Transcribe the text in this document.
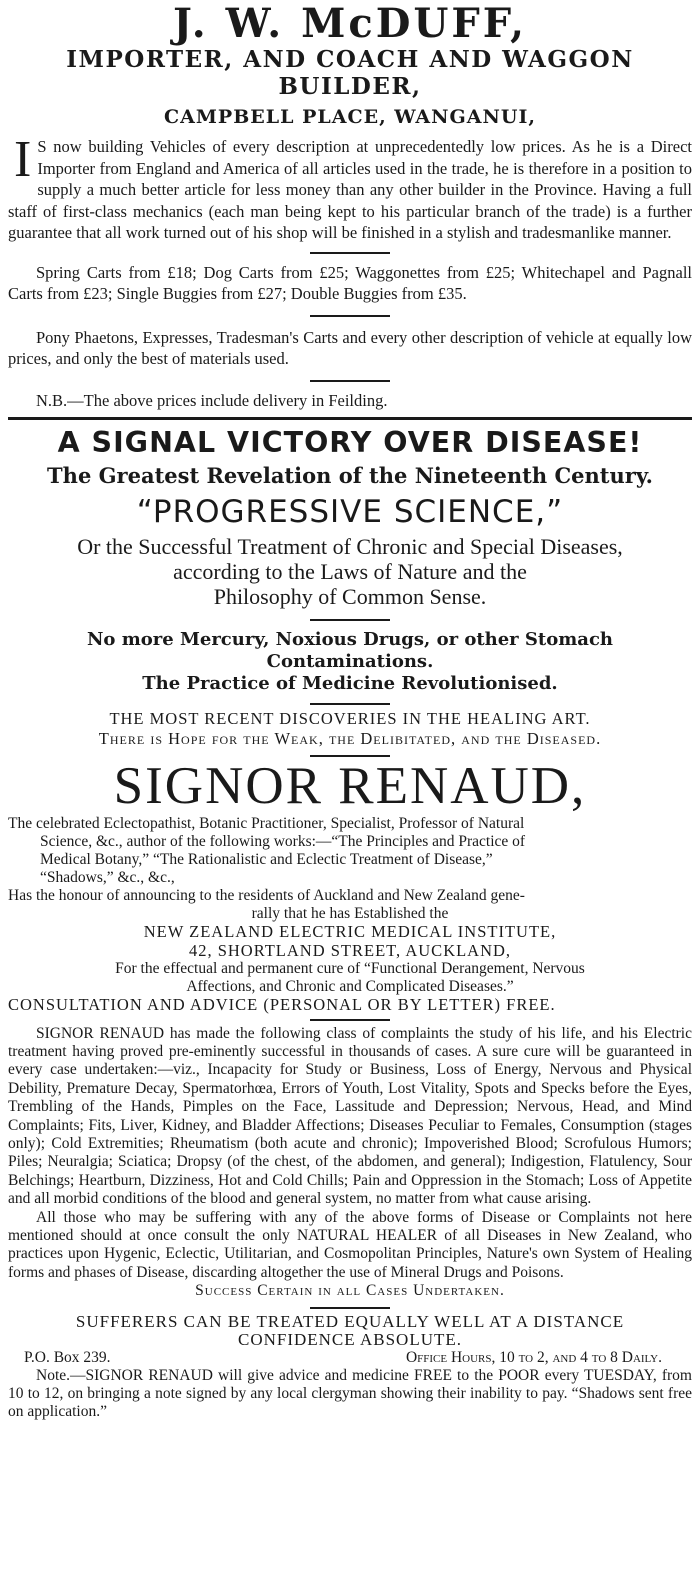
J. W. McDUFF,
IMPORTER, AND COACH AND WAGGON
BUILDER,
CAMPBELL PLACE, WANGANUI,
I S now building Vehicles of every description at unprecedentedly low prices. As he is a Direct Importer from England and America of all articles used in the trade, he is therefore in a position to supply a much better article for less money than any other builder in the Province. Having a full staff of first-class mechanics (each man being kept to his particular branch of the trade) is a further guarantee that all work turned out of his shop will be finished in a stylish and tradesmanlike manner.
Spring Carts from £18; Dog Carts from £25; Waggonettes from £25; Whitechapel and Pagnall Carts from £23; Single Buggies from £27; Double Buggies from £35.
Pony Phaetons, Expresses, Tradesman's Carts and every other description of vehicle at equally low prices, and only the best of materials used.
N.B.—The above prices include delivery in Feilding.
A SIGNAL VICTORY OVER DISEASE!
The Greatest Revelation of the Nineteenth Century.
“PROGRESSIVE SCIENCE,”
Or the Successful Treatment of Chronic and Special Diseases,
according to the Laws of Nature and the
Philosophy of Common Sense.
No more Mercury, Noxious Drugs, or other Stomach Contaminations.
The Practice of Medicine Revolutionised.
THE MOST RECENT DISCOVERIES IN THE HEALING ART.
There is Hope for the Weak, the Delibitated, and the Diseased.
SIGNOR RENAUD,
The celebrated Eclectopathist, Botanic Practitioner, Specialist, Professor of Natural
Science, &c., author of the following works:—“The Principles and Practice of
Medical Botany,” “The Rationalistic and Eclectic Treatment of Disease,”
“Shadows,” &c., &c.,
Has the honour of announcing to the residents of Auckland and New Zealand gene-
rally that he has Established the
NEW ZEALAND ELECTRIC MEDICAL INSTITUTE,
42, SHORTLAND STREET, AUCKLAND,
For the effectual and permanent cure of “Functional Derangement, Nervous
Affections, and Chronic and Complicated Diseases.”
CONSULTATION AND ADVICE (PERSONAL OR BY LETTER) FREE.
SIGNOR RENAUD has made the following class of complaints the study of his life, and his Electric treatment having proved pre-eminently successful in thousands of cases. A sure cure will be guaranteed in every case undertaken:—viz., Incapacity for Study or Business, Loss of Energy, Nervous and Physical Debility, Premature Decay, Spermatorhœa, Errors of Youth, Lost Vitality, Spots and Specks before the Eyes, Trembling of the Hands, Pimples on the Face, Lassitude and Depression; Nervous, Head, and Mind Complaints; Fits, Liver, Kidney, and Bladder Affections; Diseases Peculiar to Females, Consumption (stages only); Cold Extremities; Rheumatism (both acute and chronic); Impoverished Blood; Scrofulous Humors; Piles; Neuralgia; Sciatica; Dropsy (of the chest, of the abdomen, and general); Indigestion, Flatulency, Sour Belchings; Heartburn, Dizziness, Hot and Cold Chills; Pain and Oppression in the Stomach; Loss of Appetite and all morbid conditions of the blood and general system, no matter from what cause arising.
All those who may be suffering with any of the above forms of Disease or Complaints not here mentioned should at once consult the only NATURAL HEALER of all Diseases in New Zealand, who practices upon Hygenic, Eclectic, Utilitarian, and Cosmopolitan Principles, Nature's own System of Healing forms and phases of Disease, discarding altogether the use of Mineral Drugs and Poisons.
Success Certain in all Cases Undertaken.
SUFFERERS CAN BE TREATED EQUALLY WELL AT A DISTANCE
CONFIDENCE ABSOLUTE.
P.O. Box 239.	Office Hours, 10 to 2, and 4 to 8 Daily.
Note.—SIGNOR RENAUD will give advice and medicine FREE to the POOR every TUESDAY, from 10 to 12, on bringing a note signed by any local clergyman showing their inability to pay. “Shadows sent free on application.”
